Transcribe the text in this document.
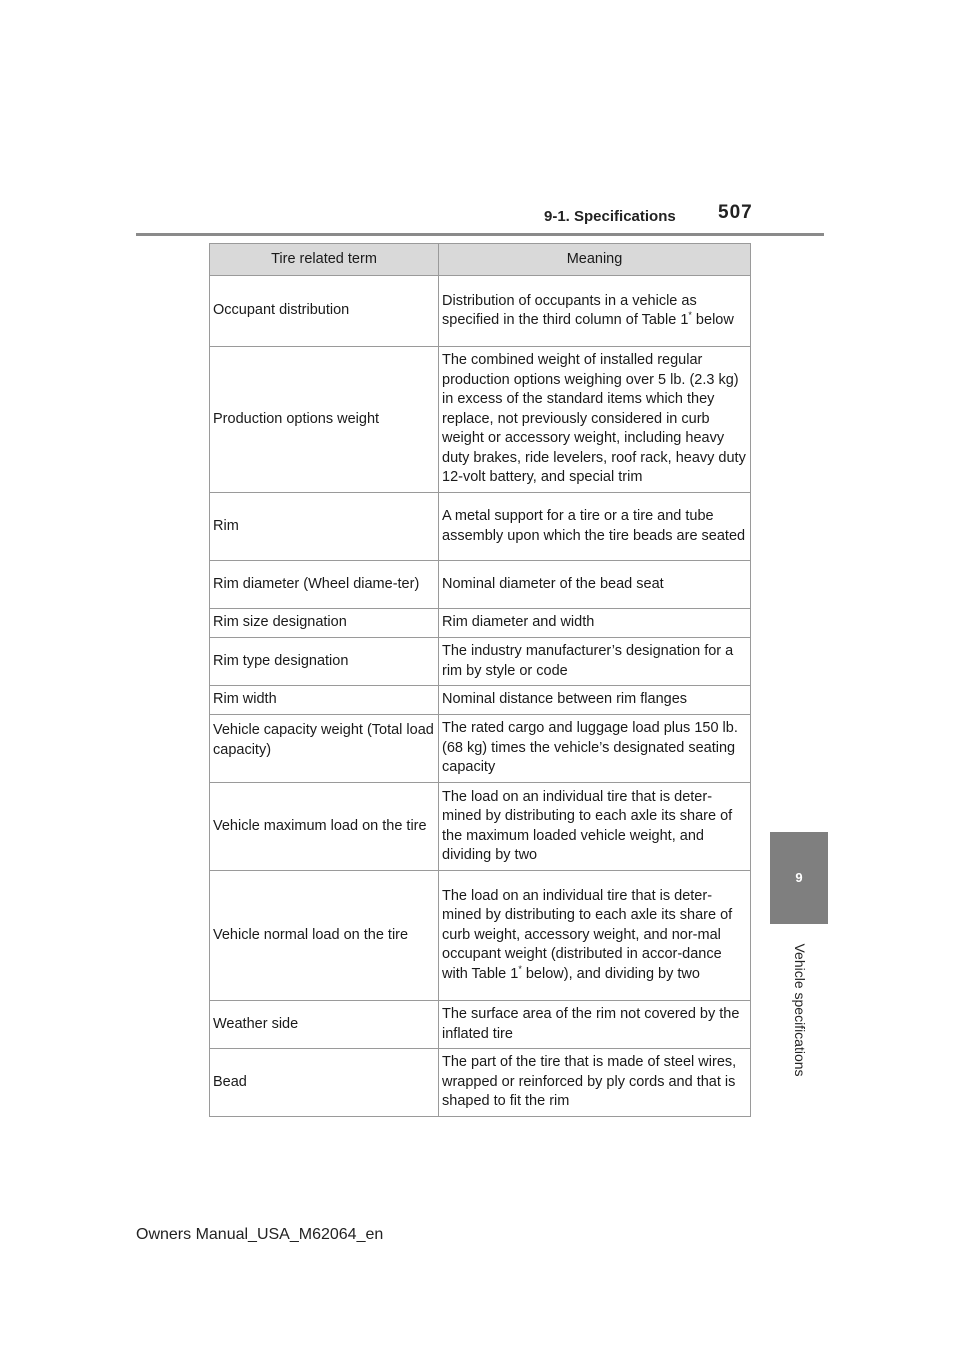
9-1. Specifications 507
9
Vehicle specifications
Tire related term	Meaning
Occupant distribution	Distribution of occupants in a vehicle as specified in the third column of Table 1* below
Production options weight	The combined weight of installed regular production options weighing over 5 lb. (2.3 kg) in excess of the standard items which they replace, not previously considered in curb weight or accessory weight, including heavy duty brakes, ride levelers, roof rack, heavy duty 12-volt battery, and special trim
Rim	A metal support for a tire or a tire and tube assembly upon which the tire beads are seated
Rim diameter (Wheel diame-ter)	Nominal diameter of the bead seat
Rim size designation	Rim diameter and width
Rim type designation	The industry manufacturer’s designation for a rim by style or code
Rim width	Nominal distance between rim flanges
Vehicle capacity weight (Total load capacity)	The rated cargo and luggage load plus 150 lb. (68 kg) times the vehicle’s designated seating capacity
Vehicle maximum load on the tire	The load on an individual tire that is deter-mined by distributing to each axle its share of the maximum loaded vehicle weight, and dividing by two
Vehicle normal load on the tire	The load on an individual tire that is deter-mined by distributing to each axle its share of curb weight, accessory weight, and nor-mal occupant weight (distributed in accor-dance with Table 1* below), and dividing by two
Weather side	The surface area of the rim not covered by the inflated tire
Bead	The part of the tire that is made of steel wires, wrapped or reinforced by ply cords and that is shaped to fit the rim
Owners Manual_USA_M62064_en
